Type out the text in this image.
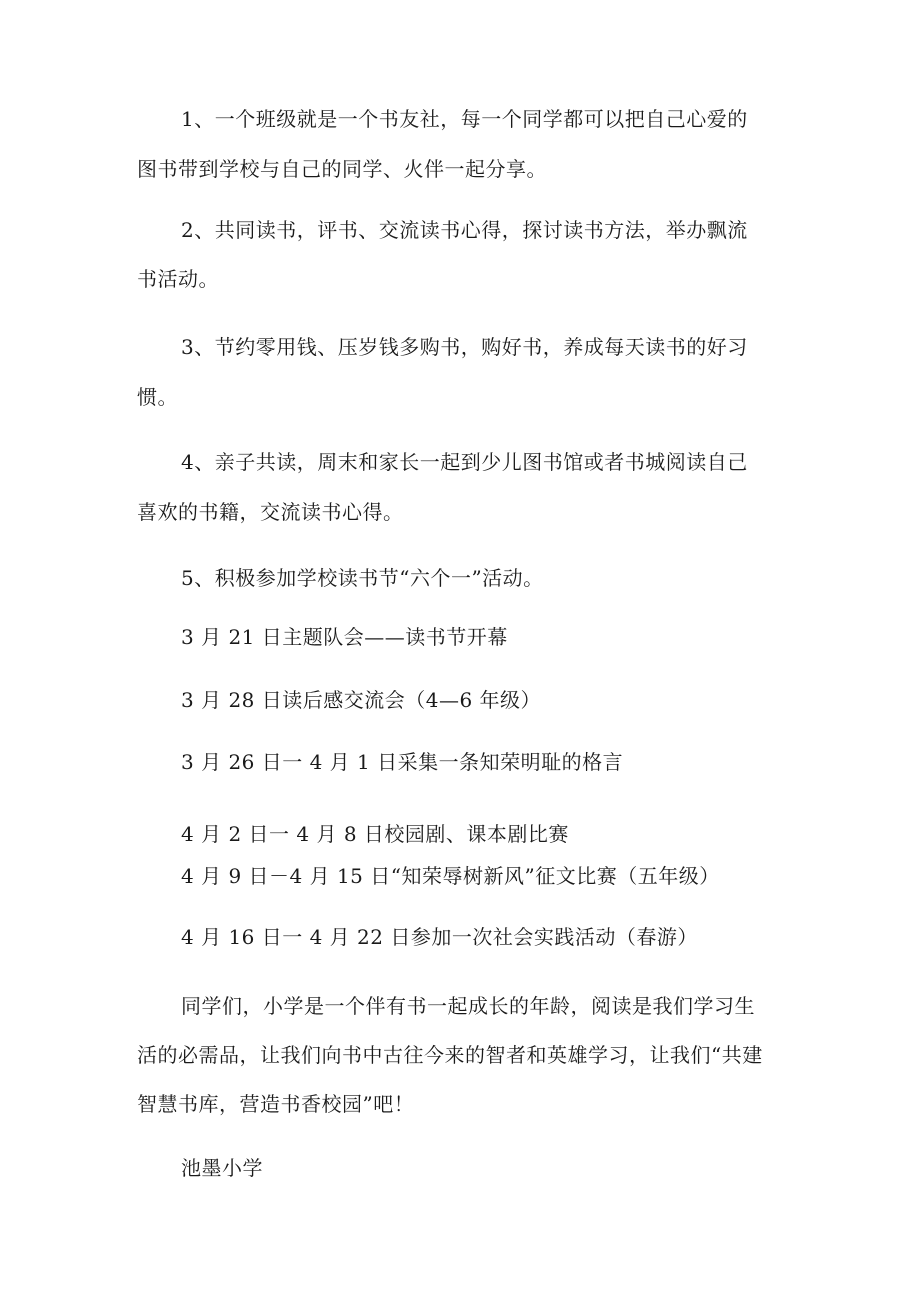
1、一个班级就是一个书友社，每一个同学都可以把自己心爱的
图书带到学校与自己的同学、火伴一起分享。
2、共同读书，评书、交流读书心得，探讨读书方法，举办飘流
书活动。
3、节约零用钱、压岁钱多购书，购好书，养成每天读书的好习
惯。
4、亲子共读，周末和家长一起到少儿图书馆或者书城阅读自己
喜欢的书籍，交流读书心得。
5、积极参加学校读书节“六个一”活动。
3 月 21 日主题队会——读书节开幕
3 月 28 日读后感交流会（4—6 年级）
3 月 26 日一 4 月 1 日采集一条知荣明耻的格言
4 月 2 日一 4 月 8 日校园剧、课本剧比赛
4 月 9 日－4 月 15 日“知荣辱树新风”征文比赛（五年级）
4 月 16 日一 4 月 22 日参加一次社会实践活动（春游）
同学们，小学是一个伴有书一起成长的年龄，阅读是我们学习生
活的必需品，让我们向书中古往今来的智者和英雄学习，让我们“共建
智慧书库，营造书香校园”吧！
池墨小学
